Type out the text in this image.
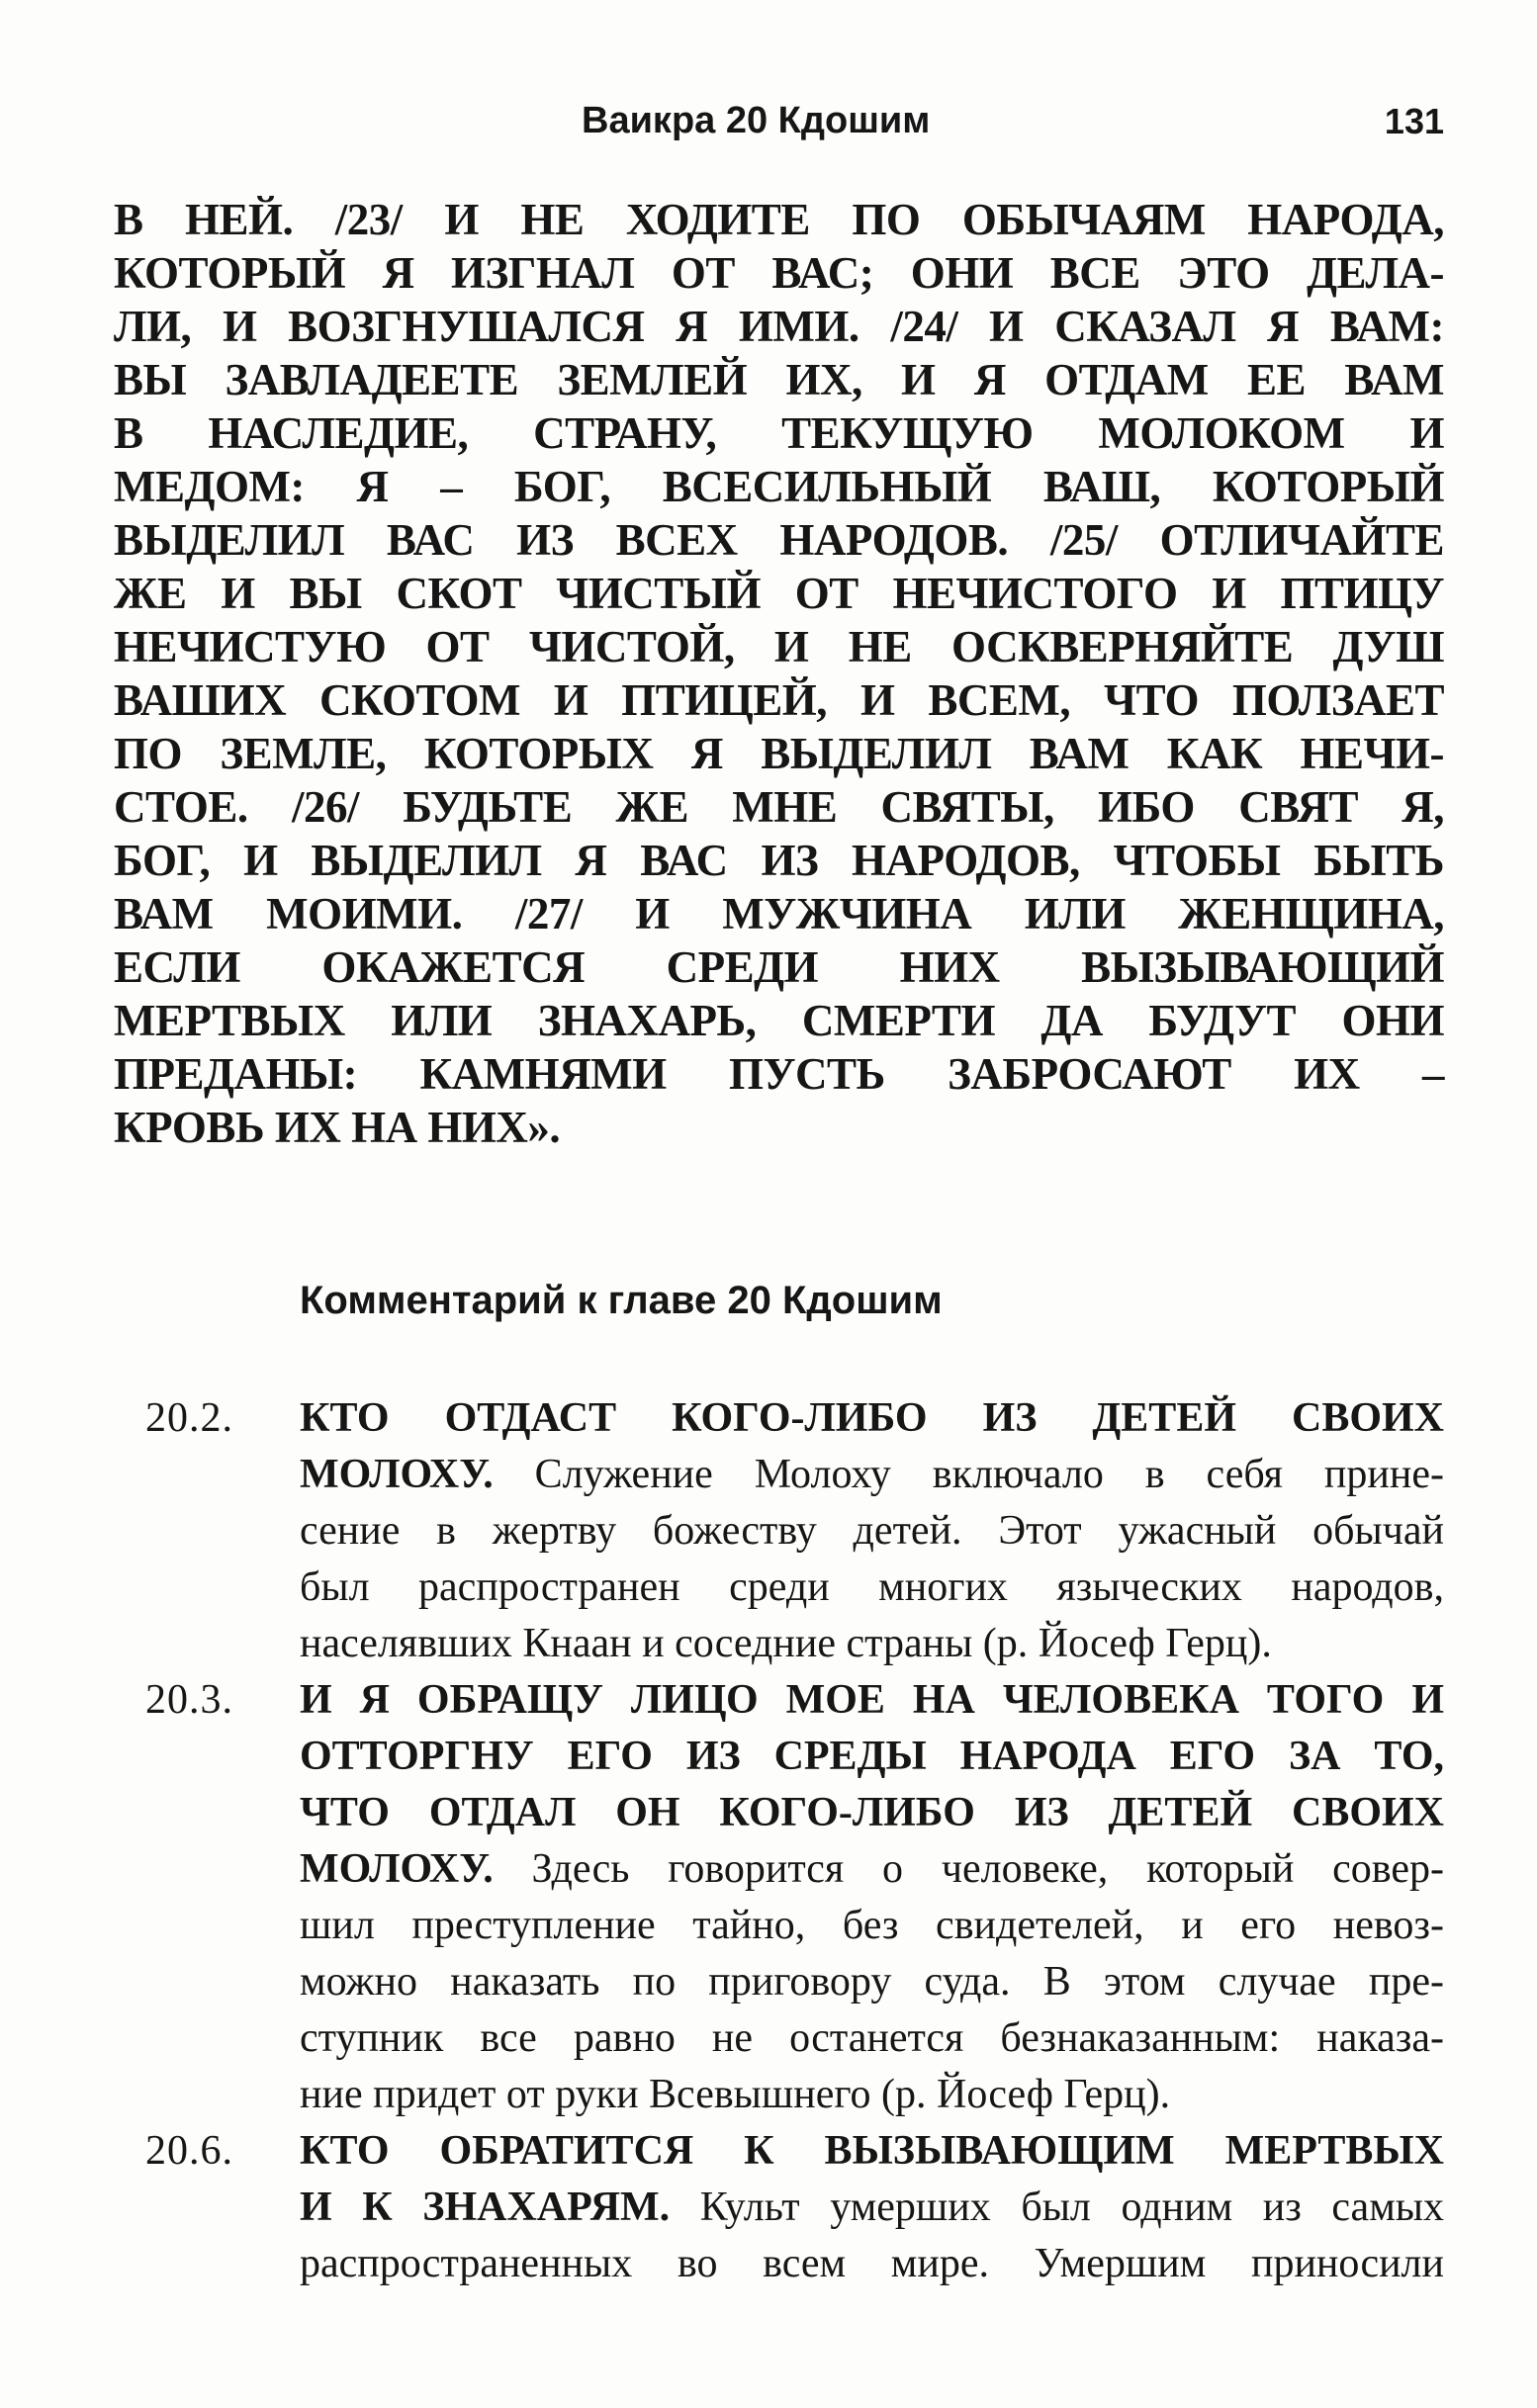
Ваикра 20 Кдошим	131
В НЕЙ. /23/ И НЕ ХОДИТЕ ПО ОБЫЧАЯМ НАРОДА,
КОТОРЫЙ Я ИЗГНАЛ ОТ ВАС; ОНИ ВСЕ ЭТО ДЕЛА-
ЛИ, И ВОЗГНУШАЛСЯ Я ИМИ. /24/ И СКАЗАЛ Я ВАМ:
ВЫ ЗАВЛАДЕЕТЕ ЗЕМЛЕЙ ИХ, И Я ОТДАМ ЕЕ ВАМ
В НАСЛЕДИЕ, СТРАНУ, ТЕКУЩУЮ МОЛОКОМ И
МЕДОМ: Я – БОГ, ВСЕСИЛЬНЫЙ ВАШ, КОТОРЫЙ
ВЫДЕЛИЛ ВАС ИЗ ВСЕХ НАРОДОВ. /25/ ОТЛИЧАЙТЕ
ЖЕ И ВЫ СКОТ ЧИСТЫЙ ОТ НЕЧИСТОГО И ПТИЦУ
НЕЧИСТУЮ ОТ ЧИСТОЙ, И НЕ ОСКВЕРНЯЙТЕ ДУШ
ВАШИХ СКОТОМ И ПТИЦЕЙ, И ВСЕМ, ЧТО ПОЛЗАЕТ
ПО ЗЕМЛЕ, КОТОРЫХ Я ВЫДЕЛИЛ ВАМ КАК НЕЧИ-
СТОЕ. /26/ БУДЬТЕ ЖЕ МНЕ СВЯТЫ, ИБО СВЯТ Я,
БОГ, И ВЫДЕЛИЛ Я ВАС ИЗ НАРОДОВ, ЧТОБЫ БЫТЬ
ВАМ МОИМИ. /27/ И МУЖЧИНА ИЛИ ЖЕНЩИНА,
ЕСЛИ ОКАЖЕТСЯ СРЕДИ НИХ ВЫЗЫВАЮЩИЙ
МЕРТВЫХ ИЛИ ЗНАХАРЬ, СМЕРТИ ДА БУДУТ ОНИ
ПРЕДАНЫ: КАМНЯМИ ПУСТЬ ЗАБРОСАЮТ ИХ –
КРОВЬ ИХ НА НИХ».
Комментарий к главе 20 Кдошим
20.2. КТО ОТДАСТ КОГО-ЛИБО ИЗ ДЕТЕЙ СВОИХ
МОЛОХУ. Служение Молоху включало в себя прине-
сение в жертву божеству детей. Этот ужасный обычай
был распространен среди многих языческих народов,
населявших Кнаан и соседние страны (р. Йосеф Герц).
20.3. И Я ОБРАЩУ ЛИЦО МОЕ НА ЧЕЛОВЕКА ТОГО И
ОТТОРГНУ ЕГО ИЗ СРЕДЫ НАРОДА ЕГО ЗА ТО,
ЧТО ОТДАЛ ОН КОГО-ЛИБО ИЗ ДЕТЕЙ СВОИХ
МОЛОХУ. Здесь говорится о человеке, который совер-
шил преступление тайно, без свидетелей, и его невоз-
можно наказать по приговору суда. В этом случае пре-
ступник все равно не останется безнаказанным: наказа-
ние придет от руки Всевышнего (р. Йосеф Герц).
20.6. КТО ОБРАТИТСЯ К ВЫЗЫВАЮЩИМ МЕРТВЫХ
И К ЗНАХАРЯМ. Культ умерших был одним из самых
распространенных во всем мире. Умершим приносили
